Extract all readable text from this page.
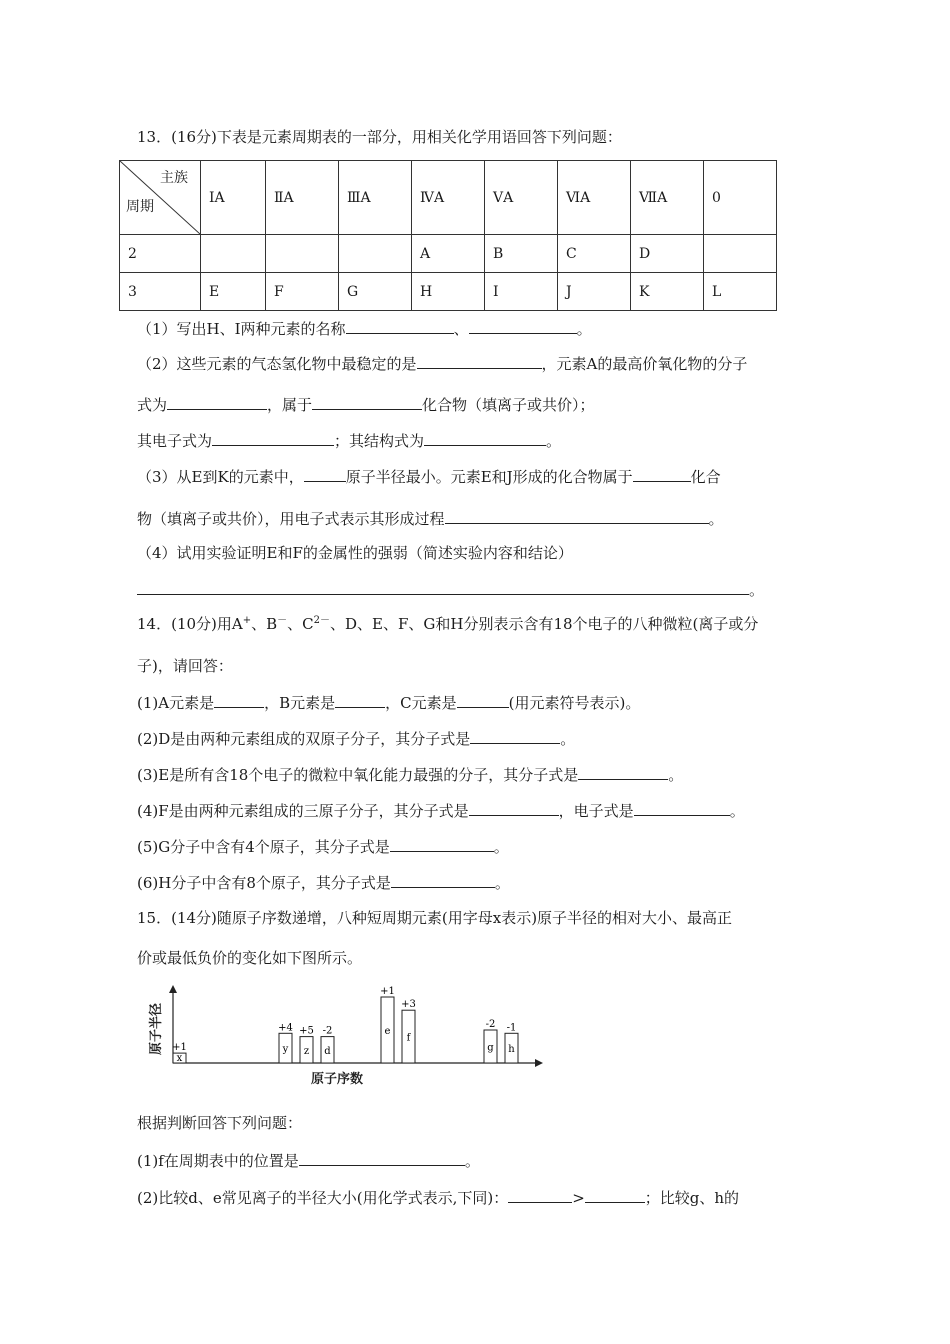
13．(16分)下表是元素周期表的一部分，用相关化学用语回答下列问题：
主族
周期	ⅠA	ⅡA	ⅢA	ⅣA	ⅤA	ⅥA	ⅦA	0
2				A	B	C	D	
3	E	F	G	H	I	J	K	L
（1）写出H、I两种元素的名称	、	。
（2）这些元素的气态氢化物中最稳定的是	，元素A的最高价氧化物的分子
式为	，属于	化合物（填离子或共价）；
其电子式为	；其结构式为	。
（3）从E到K的元素中，	原子半径最小。元素E和J形成的化合物属于	化合
物（填离子或共价），用电子式表示其形成过程	。
（4）试用实验证明E和F的金属性的强弱（简述实验内容和结论）
。
14．(10分)用A+、B－、$C^{2-}$、D、E、F、G和H分别表示含有18个电子的八种微粒(离子或分
子)，请回答：
(1)A元素是	，B元素是	，C元素是	(用元素符号表示)。
(2)D是由两种元素组成的双原子分子，其分子式是	。
(3)E是所有含18个电子的微粒中氧化能力最强的分子，其分子式是	。
(4)F是由两种元素组成的三原子分子，其分子式是	，电子式是	。
(5)G分子中含有4个原子，其分子式是	。
(6)H分子中含有8个原子，其分子式是	。
15．(14分)随原子序数递增，八种短周期元素(用字母x表示)原子半径的相对大小、最高正
价或最低负价的变化如下图所示。
原子半径
原子序数
x
+1	y
+4
z
+5
d
-2	e
+1
f
+3
g
-2
h
-1
根据判断回答下列问题：
(1)f在周期表中的位置是	。
(2)比较d、e常见离子的半径大小(用化学式表示,下同)：	>	；比较g、h的
